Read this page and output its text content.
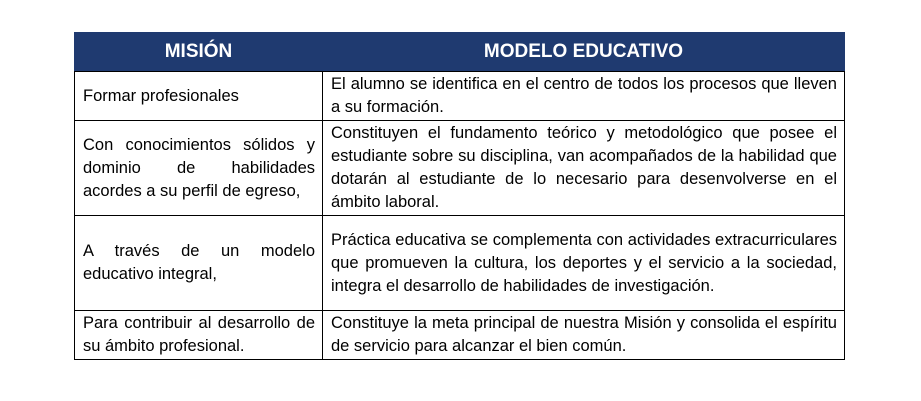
MISIÓN	MODELO EDUCATIVO
Formar profesionales	El alumno se identifica en el centro de todos los procesos que lleven a su formación.
Con conocimientos sólidos y dominio de habilidades acordes a su perfil de egreso,	Constituyen el fundamento teórico y metodológico que posee el estudiante sobre su disciplina, van acompañados de la habilidad que dotarán al estudiante de lo necesario para desenvolverse en el ámbito laboral.
A través de un modelo educativo integral,	Práctica educativa se complementa con actividades extracurriculares que promueven la cultura, los deportes y el servicio a la sociedad, integra el desarrollo de habilidades de investigación.
Para contribuir al desarrollo de su ámbito profesional.	Constituye la meta principal de nuestra Misión y consolida el espíritu de servicio para alcanzar el bien común.
